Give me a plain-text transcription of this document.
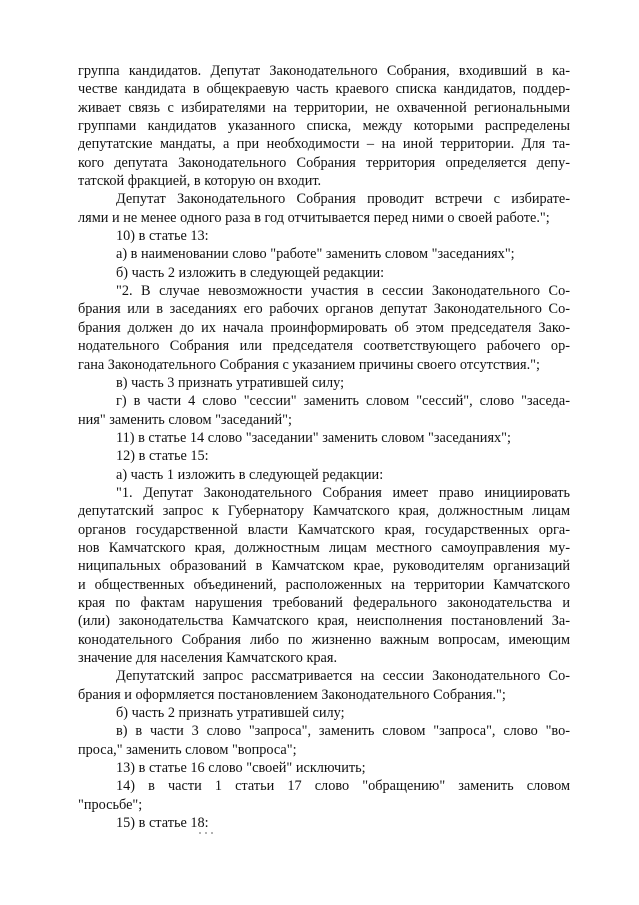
группа кандидатов. Депутат Законодательного Собрания, входивший в ка-
честве кандидата в общекраевую часть краевого списка кандидатов, поддер-
живает связь с избирателями на территории, не охваченной региональными
группами кандидатов указанного списка, между которыми распределены
депутатские мандаты, а при необходимости – на иной территории. Для та-
кого депутата Законодательного Собрания территория определяется депу-
татской фракцией, в которую он входит.
Депутат Законодательного Собрания проводит встречи с избирате-
лями и не менее одного раза в год отчитывается перед ними о своей работе.";
10) в статье 13:
а) в наименовании слово "работе" заменить словом "заседаниях";
б) часть 2 изложить в следующей редакции:
"2. В случае невозможности участия в сессии Законодательного Со-
брания или в заседаниях его рабочих органов депутат Законодательного Со-
брания должен до их начала проинформировать об этом председателя Зако-
нодательного Собрания или председателя соответствующего рабочего ор-
гана Законодательного Собрания с указанием причины своего отсутствия.";
в) часть 3 признать утратившей силу;
г) в части 4 слово "сессии" заменить словом "сессий", слово "заседа-
ния" заменить словом "заседаний";
11) в статье 14 слово "заседании" заменить словом "заседаниях";
12) в статье 15:
а) часть 1 изложить в следующей редакции:
"1. Депутат Законодательного Собрания имеет право инициировать
депутатский запрос к Губернатору Камчатского края, должностным лицам
органов государственной власти Камчатского края, государственных орга-
нов Камчатского края, должностным лицам местного самоуправления му-
ниципальных образований в Камчатском крае, руководителям организаций
и общественных объединений, расположенных на территории Камчатского
края по фактам нарушения требований федерального законодательства и
(или) законодательства Камчатского края, неисполнения постановлений За-
конодательного Собрания либо по жизненно важным вопросам, имеющим
значение для населения Камчатского края.
Депутатский запрос рассматривается на сессии Законодательного Со-
брания и оформляется постановлением Законодательного Собрания.";
б) часть 2 признать утратившей силу;
в) в части 3 слово "запроса", заменить словом "запроса", слово "во-
проса," заменить словом "вопроса";
13) в статье 16 слово "своей" исключить;
14) в части 1 статьи 17 слово "обращению" заменить словом
"просьбе";
15) в статье 18:
